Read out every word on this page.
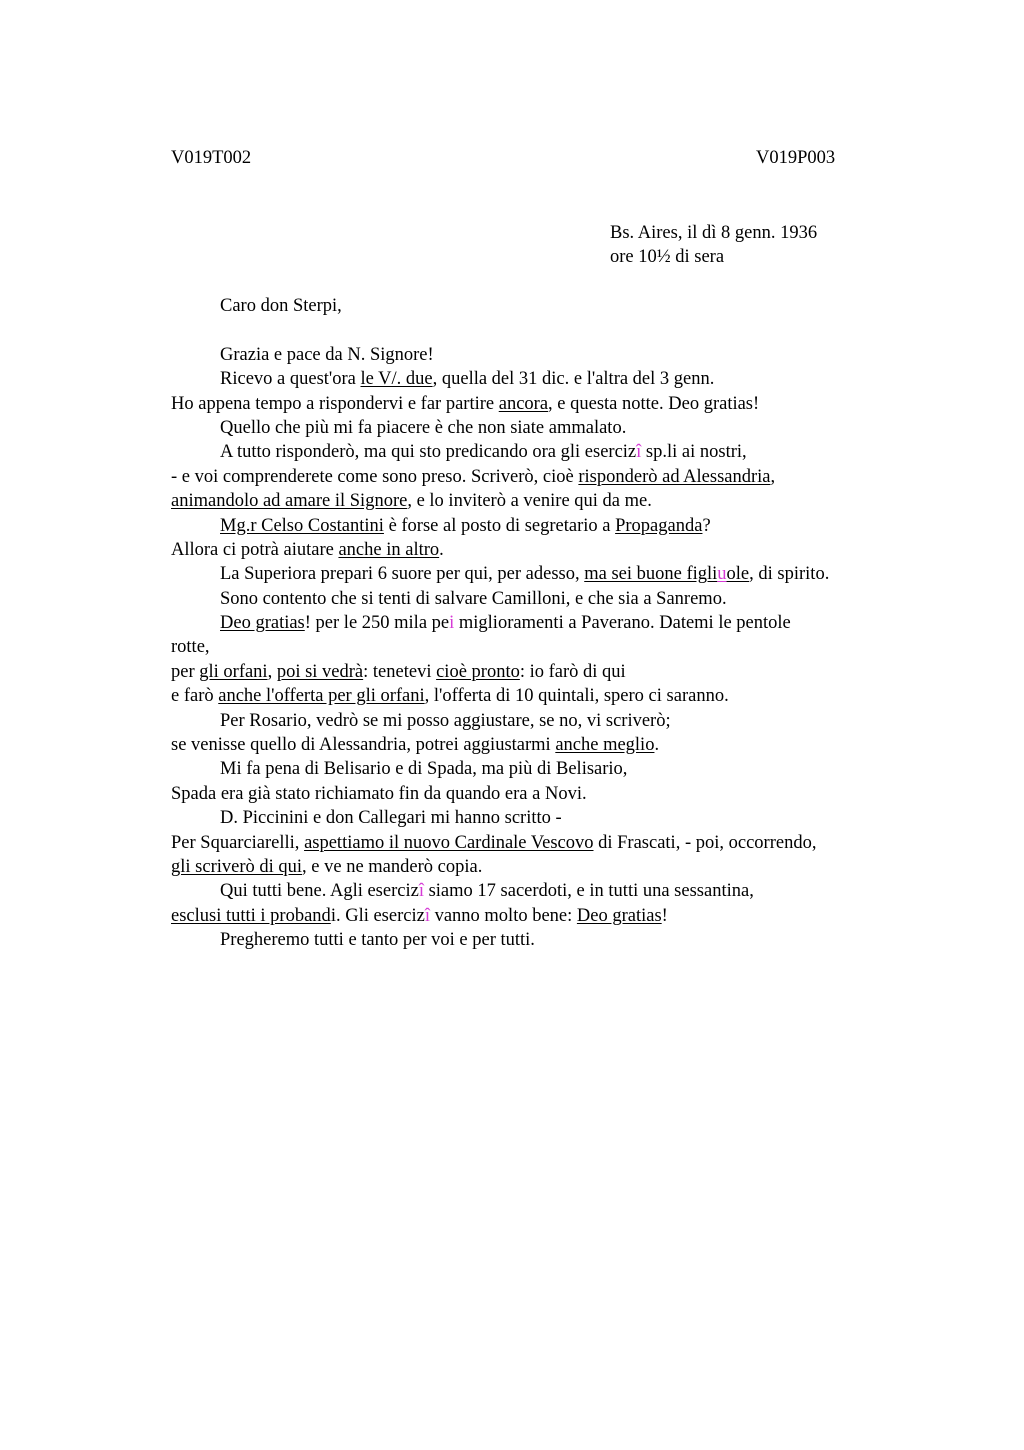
V019T002	V019P003
Bs. Aires, il dì 8 genn. 1936
ore 10½ di sera
Caro don Sterpi,
Grazia e pace da N. Signore!
Ricevo a quest'ora le V/. due, quella del 31 dic. e l'altra del 3 genn.
Ho appena tempo a rispondervi e far partire ancora, e questa notte. Deo gratias!
Quello che più mi fa piacere è che non siate ammalato.
A tutto risponderò, ma qui sto predicando ora gli esercizî sp.li ai nostri,
- e voi comprenderete come sono preso. Scriverò, cioè risponderò ad Alessandria,
animandolo ad amare il Signore, e lo inviterò a venire qui da me.
Mg.r Celso Costantini è forse al posto di segretario a Propaganda?
Allora ci potrà aiutare anche in altro.
La Superiora prepari 6 suore per qui, per adesso, ma sei buone figliuole, di spirito.
Sono contento che si tenti di salvare Camilloni, e che sia a Sanremo.
Deo gratias! per le 250 mila pei miglioramenti a Paverano. Datemi le pentole
rotte,
per gli orfani, poi si vedrà: tenetevi cioè pronto: io farò di qui
e farò anche l'offerta per gli orfani, l'offerta di 10 quintali, spero ci saranno.
Per Rosario, vedrò se mi posso aggiustare, se no, vi scriverò;
se venisse quello di Alessandria, potrei aggiustarmi anche meglio.
Mi fa pena di Belisario e di Spada, ma più di Belisario,
Spada era già stato richiamato fin da quando era a Novi.
D. Piccinini e don Callegari mi hanno scritto -
Per Squarciarelli, aspettiamo il nuovo Cardinale Vescovo di Frascati, - poi, occorrendo,
gli scriverò di qui, e ve ne manderò copia.
Qui tutti bene. Agli esercizî siamo 17 sacerdoti, e in tutti una sessantina,
esclusi tutti i probandi. Gli esercizî vanno molto bene: Deo gratias!
Pregheremo tutti e tanto per voi e per tutti.
